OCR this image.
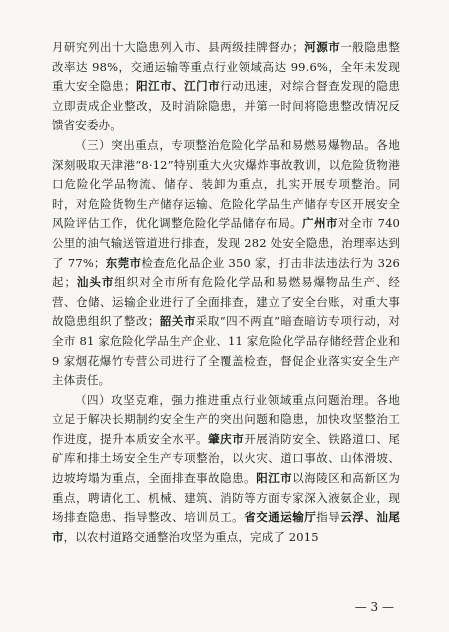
月研究列出十大隐患列入市、县两级挂牌督办；河源市一般隐患整改率达 98%，交通运输等重点行业领域高达 99.6%，全年未发现重大安全隐患；阳江市、江门市行动迅速，对综合督查发现的隐患立即责成企业整改，及时消除隐患，并第一时间将隐患整改情况反馈省安委办。

（三）突出重点，专项整治危险化学品和易燃易爆物品。各地深刻吸取天津港“8·12”特别重大火灾爆炸事故教训，以危险货物港口危险化学品物流、储存、装卸为重点，扎实开展专项整治。同时，对危险货物生产储存运输、危险化学品生产储存专区开展安全风险评估工作，优化调整危险化学品储存布局。广州市对全市 740 公里的油气输送管道进行排查，发现 282 处安全隐患，治理率达到了 77%；东莞市检查危化品企业 350 家，打击非法违法行为 326 起；汕头市组织对全市所有危险化学品和易燃易爆物品生产、经营、仓储、运输企业进行了全面排查，建立了安全台账，对重大事故隐患组织了整改；韶关市采取“四不两直”暗查暗访专项行动，对全市 81 家危险化学品生产企业、11 家危险化学品存储经营企业和 9 家烟花爆竹专营公司进行了全覆盖检查，督促企业落实安全生产主体责任。

（四）攻坚克难，强力推进重点行业领域重点问题治理。各地立足于解决长期制约安全生产的突出问题和隐患，加快攻坚整治工作进度，提升本质安全水平。肇庆市开展消防安全、铁路道口、尾矿库和排土场安全生产专项整治，以火灾、道口事故、山体滑坡、边坡垮塌为重点，全面排查事故隐患。阳江市以海陵区和高新区为重点，聘请化工、机械、建筑、消防等方面专家深入液氨企业，现场排查隐患、指导整改、培训员工。省交通运输厅指导云浮、汕尾市，以农村道路交通整治攻坚为重点，完成了 2015

— 3 —
